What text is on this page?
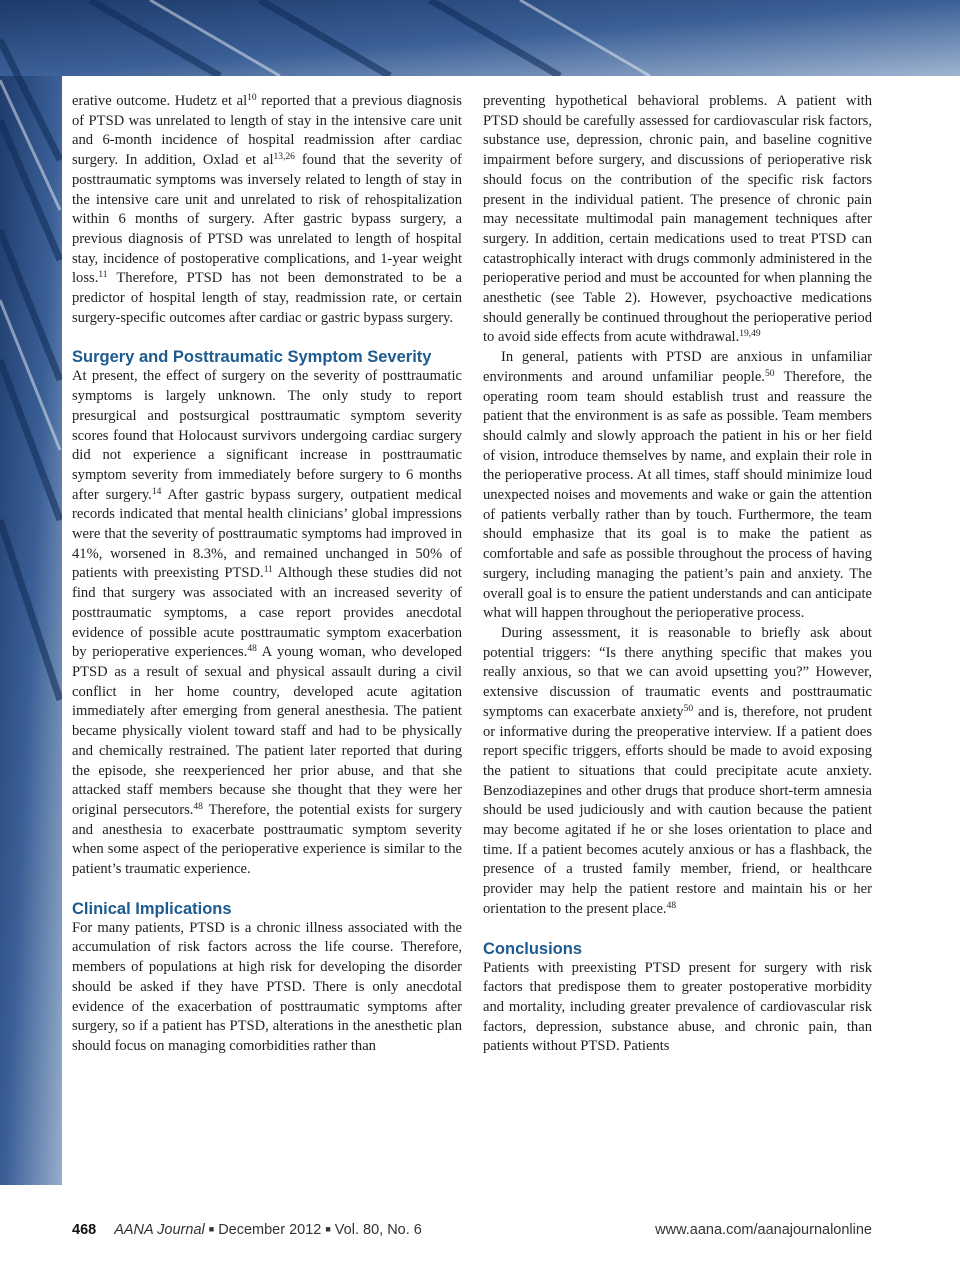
erative outcome. Hudetz et $al^{10}$ reported that a previous diagnosis of PTSD was unrelated to length of stay in the intensive care unit and 6-month incidence of hospital readmission after cardiac surgery. In addition, Oxlad et al$^{13,26}$ found that the severity of posttraumatic symptoms was inversely related to length of stay in the intensive care unit and unrelated to risk of rehospitalization within 6 months of surgery. After gastric bypass surgery, a previous diagnosis of PTSD was unrelated to length of hospital stay, incidence of postoperative complications, and 1-year weight loss.$^{11}$ Therefore, PTSD has not been demonstrated to be a predictor of hospital length of stay, readmission rate, or certain surgery-specific outcomes after cardiac or gastric bypass surgery.

Surgery and Posttraumatic Symptom Severity

At present, the effect of surgery on the severity of posttraumatic symptoms is largely unknown. The only study to report presurgical and postsurgical posttraumatic symptom severity scores found that Holocaust survivors undergoing cardiac surgery did not experience a significant increase in posttraumatic symptom severity from immediately before surgery to 6 months after surgery.$^{14}$ After gastric bypass surgery, outpatient medical records indicated that mental health clinicians’ global impressions were that the severity of posttraumatic symptoms had improved in 41%, worsened in 8.3%, and remained unchanged in 50% of patients with preexisting PTSD.$^{11}$ Although these studies did not find that surgery was associated with an increased severity of posttraumatic symptoms, a case report provides anecdotal evidence of possible acute posttraumatic symptom exacerbation by perioperative experiences.$^{48}$ A young woman, who developed PTSD as a result of sexual and physical assault during a civil conflict in her home country, developed acute agitation immediately after emerging from general anesthesia. The patient became physically violent toward staff and had to be physically and chemically restrained. The patient later reported that during the episode, she reexperienced her prior abuse, and that she attacked staff members because she thought that they were her original persecutors.$^{48}$ Therefore, the potential exists for surgery and anesthesia to exacerbate posttraumatic symptom severity when some aspect of the perioperative experience is similar to the patient’s traumatic experience.

Clinical Implications

For many patients, PTSD is a chronic illness associated with the accumulation of risk factors across the life course. Therefore, members of populations at high risk for developing the disorder should be asked if they have PTSD. There is only anecdotal evidence of the exacerbation of posttraumatic symptoms after surgery, so if a patient has PTSD, alterations in the anesthetic plan should focus on managing comorbidities rather than

preventing hypothetical behavioral problems. A patient with PTSD should be carefully assessed for cardiovascular risk factors, substance use, depression, chronic pain, and baseline cognitive impairment before surgery, and discussions of perioperative risk should focus on the contribution of the specific risk factors present in the individual patient. The presence of chronic pain may necessitate multimodal pain management techniques after surgery. In addition, certain medications used to treat PTSD can catastrophically interact with drugs commonly administered in the perioperative period and must be accounted for when planning the anesthetic (see Table 2). However, psychoactive medications should generally be continued throughout the perioperative period to avoid side effects from acute withdrawal.$^{19,49}$

In general, patients with PTSD are anxious in unfamiliar environments and around unfamiliar people.$^{50}$ Therefore, the operating room team should establish trust and reassure the patient that the environment is as safe as possible. Team members should calmly and slowly approach the patient in his or her field of vision, introduce themselves by name, and explain their role in the perioperative process. At all times, staff should minimize loud unexpected noises and movements and wake or gain the attention of patients verbally rather than by touch. Furthermore, the team should emphasize that its goal is to make the patient as comfortable and safe as possible throughout the process of having surgery, including managing the patient’s pain and anxiety. The overall goal is to ensure the patient understands and can anticipate what will happen throughout the perioperative process.

During assessment, it is reasonable to briefly ask about potential triggers: “Is there anything specific that makes you really anxious, so that we can avoid upsetting you?” However, extensive discussion of traumatic events and posttraumatic symptoms can exacerbate anxiety$^{50}$ and is, therefore, not prudent or informative during the preoperative interview. If a patient does report specific triggers, efforts should be made to avoid exposing the patient to situations that could precipitate acute anxiety. Benzodiazepines and other drugs that produce short-term amnesia should be used judiciously and with caution because the patient may become agitated if he or she loses orientation to place and time. If a patient becomes acutely anxious or has a flashback, the presence of a trusted family member, friend, or healthcare provider may help the patient restore and maintain his or her orientation to the present place.$^{48}$

Conclusions

Patients with preexisting PTSD present for surgery with risk factors that predispose them to greater postoperative morbidity and mortality, including greater prevalence of cardiovascular risk factors, depression, substance abuse, and chronic pain, than patients without PTSD. Patients

468 AANA Journal ■ December 2012 ■ Vol. 80, No. 6	www.aana.com/aanajournalonline
